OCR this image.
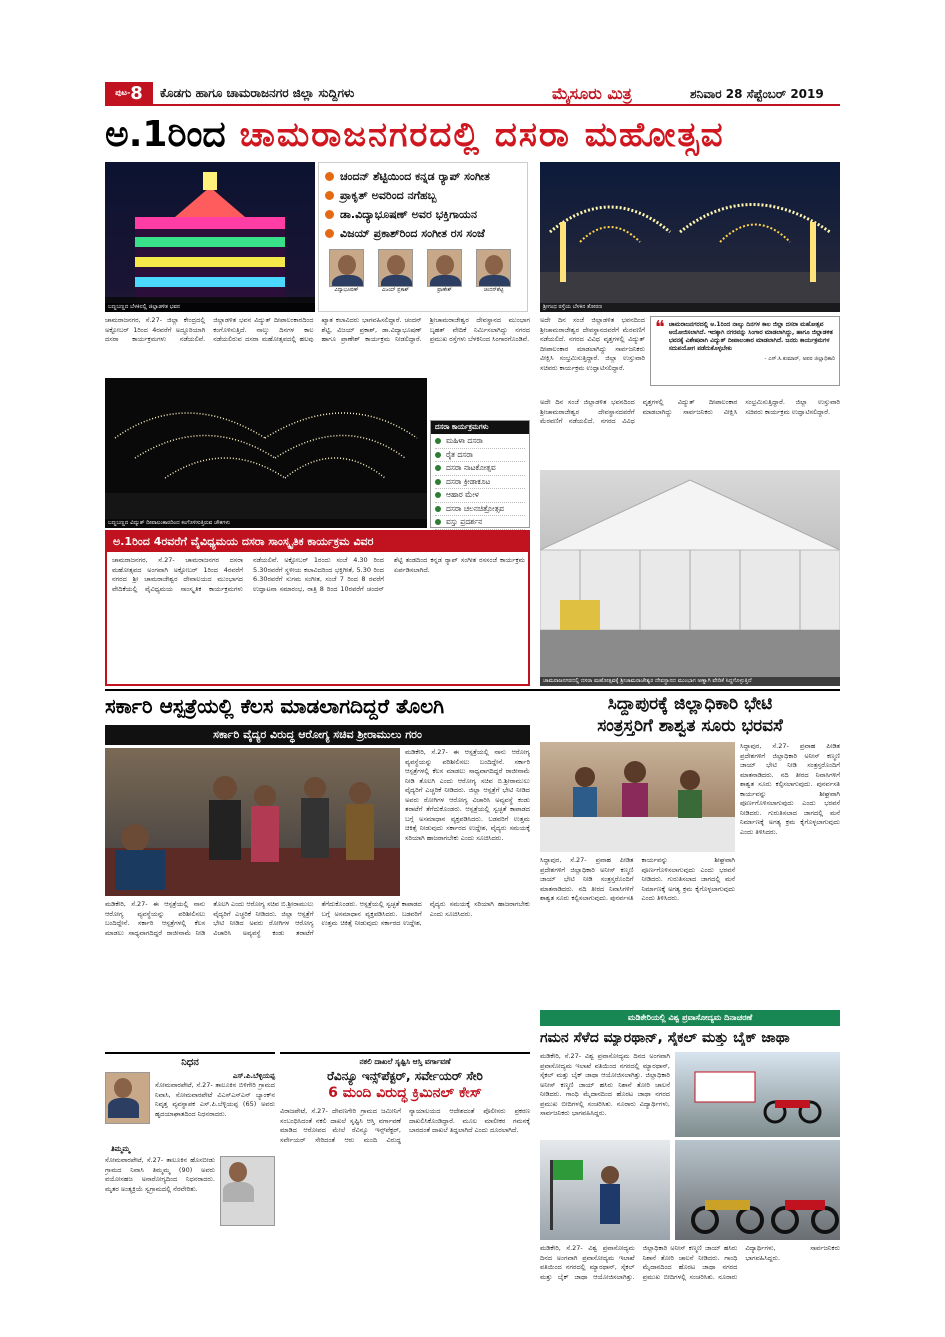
ಪುಟ- 8 ಕೊಡಗು ಹಾಗೂ ಚಾಮರಾಜನಗರ ಜಿಲ್ಲಾ ಸುದ್ದಿಗಳು	ಮೈಸೂರು ಮಿತ್ರ	ಶನಿವಾರ 28 ಸೆಪ್ಟೆಂಬರ್ 2019
ಅ.1ರಿಂದ ಚಾಮರಾಜನಗರದಲ್ಲಿ ದಸರಾ ಮಹೋತ್ಸವ
ಬಣ್ಣಬಣ್ಣದ ಬೆಳಕಿನಲ್ಲಿ ಜಿಲ್ಲಾಡಳಿತ ಭವನ
ಚಂದನ್ ಶೆಟ್ಟಿಯಿಂದ ಕನ್ನಡ ರ್‍ಯಾಪ್ ಸಂಗೀತ
ಪ್ರಾಕೃತ್ ಅವರಿಂದ ನಗೆಹಬ್ಬ
ಡಾ.ವಿದ್ಯಾಭೂಷಣ್ ಅವರ ಭಕ್ತಿಗಾಯನ
ವಿಜಯ್ ಪ್ರಕಾಶ್‌ರಿಂದ ಸಂಗೀತ ರಸ ಸಂಜೆ
ವಿದ್ಯಾಭೂಷಣ್	ವಿಜಯ್ ಪ್ರಕಾಶ್	ಪ್ರಾಣೇಶ್	ಚಂದನ್‌ಶೆಟ್ಟಿ
ಶ್ರೀಗಂಧ ರಸ್ತೆಯ ಬೆಳಕಿನ ತೋರಣ
ಚಾಮರಾಜನಗರ, ಸೆ.27- ಜಿಲ್ಲಾ ಕೇಂದ್ರದಲ್ಲಿ ಅಕ್ಟೋಬರ್ 1ರಿಂದ 4ರವರೆಗೆ ಅದ್ದೂರಿಯಾಗಿ ದಸರಾ ಕಾರ್ಯಕ್ರಮಗಳು ನಡೆಯಲಿವೆ. ಜಿಲ್ಲಾಡಳಿತ ಭವನ ವಿದ್ಯುತ್ ದೀಪಾಲಂಕಾರದಿಂದ ಕಂಗೊಳಿಸುತ್ತಿದೆ. ನಾಲ್ಕು ದಿನಗಳ ಕಾಲ ನಡೆಯಲಿರುವ ದಸರಾ ಮಹೋತ್ಸವದಲ್ಲಿ ಹಲವು ಖ್ಯಾತ ಕಲಾವಿದರು ಭಾಗವಹಿಸಲಿದ್ದಾರೆ. ಚಂದನ್ ಶೆಟ್ಟಿ, ವಿಜಯ್ ಪ್ರಕಾಶ್, ಡಾ.ವಿದ್ಯಾಭೂಷಣ್ ಹಾಗೂ ಪ್ರಾಣೇಶ್ ಕಾರ್ಯಕ್ರಮ ನೀಡಲಿದ್ದಾರೆ. ಶ್ರೀಚಾಮರಾಜೇಶ್ವರ ದೇವಸ್ಥಾನದ ಮುಂಭಾಗ ಬೃಹತ್ ವೇದಿಕೆ ನಿರ್ಮಿಸಲಾಗಿದ್ದು ನಗರದ ಪ್ರಮುಖ ರಸ್ತೆಗಳು ಬೆಳಕಿನಿಂದ ಸಿಂಗಾರಗೊಂಡಿವೆ.
ಬಣ್ಣಬಣ್ಣದ ವಿದ್ಯುತ್ ದೀಪಾಲಂಕಾರದಿಂದ ಕಂಗೊಳಿಸುತ್ತಿರುವ ಚೌಕಗಳು
ದಸರಾ ಕಾರ್ಯಕ್ರಮಗಳು
ಮಹಿಳಾ ದಸರಾ
ರೈತ ದಸರಾ
ದಸರಾ ನಾಟಕೋತ್ಸವ
ದಸರಾ ಕ್ರೀಡಾಕೂಟ
ಆಹಾರ ಮೇಳ
ದಸರಾ ಚಲನಚಿತ್ರೋತ್ಸವ
ವಸ್ತು ಪ್ರದರ್ಶನ
ಅದೇ ದಿನ ಸಂಜೆ ಜಿಲ್ಲಾಡಳಿತ ಭವನದಿಂದ ಶ್ರೀಚಾಮರಾಜೇಶ್ವರ ದೇವಸ್ಥಾನದವರೆಗೆ ಮೆರವಣಿಗೆ ನಡೆಯಲಿದೆ. ನಗರದ ವಿವಿಧ ವೃತ್ತಗಳಲ್ಲಿ ವಿದ್ಯುತ್ ದೀಪಾಲಂಕಾರ ಮಾಡಲಾಗಿದ್ದು ಸಾರ್ವಜನಿಕರು ವೀಕ್ಷಿಸಿ ಸಂಭ್ರಮಿಸುತ್ತಿದ್ದಾರೆ. ಜಿಲ್ಲಾ ಉಸ್ತುವಾರಿ ಸಚಿವರು ಕಾರ್ಯಕ್ರಮ ಉದ್ಘಾಟಿಸಲಿದ್ದಾರೆ.
❝ ಚಾಮರಾಜನಗರದಲ್ಲಿ ಅ.1ರಿಂದ ನಾಲ್ಕು ದಿನಗಳ ಕಾಲ ಜಿಲ್ಲಾ ದಸರಾ ಮಹೋತ್ಸವ ಆಯೋಜಿಸಲಾಗಿದೆ. ಇದಕ್ಕಾಗಿ ನಗರವನ್ನು ಸಿಂಗಾರ ಮಾಡಲಾಗಿದ್ದು, ಹಾಗೂ ಜಿಲ್ಲಾಡಳಿತ ಭವನಕ್ಕೆ ವಿಶೇಷವಾಗಿ ವಿದ್ಯುತ್ ದೀಪಾಲಂಕಾರ ಮಾಡಲಾಗಿದೆ. ಜನರು ಕಾರ್ಯಕ್ರಮಗಳ ಸದುಪಯೋಗ ಪಡೆದುಕೊಳ್ಳಬೇಕು
- ಎಸ್.ಸಿ.ಕುಮಾರ್, ಅಪರ ಜಿಲ್ಲಾಧಿಕಾರಿ
ಅದೇ ದಿನ ಸಂಜೆ ಜಿಲ್ಲಾಡಳಿತ ಭವನದಿಂದ ಶ್ರೀಚಾಮರಾಜೇಶ್ವರ ದೇವಸ್ಥಾನದವರೆಗೆ ಮೆರವಣಿಗೆ ನಡೆಯಲಿದೆ. ನಗರದ ವಿವಿಧ ವೃತ್ತಗಳಲ್ಲಿ ವಿದ್ಯುತ್ ದೀಪಾಲಂಕಾರ ಮಾಡಲಾಗಿದ್ದು ಸಾರ್ವಜನಿಕರು ವೀಕ್ಷಿಸಿ ಸಂಭ್ರಮಿಸುತ್ತಿದ್ದಾರೆ. ಜಿಲ್ಲಾ ಉಸ್ತುವಾರಿ ಸಚಿವರು ಕಾರ್ಯಕ್ರಮ ಉದ್ಘಾಟಿಸಲಿದ್ದಾರೆ.
ಚಾಮರಾಜನಗರದಲ್ಲಿ ದಸರಾ ಮಹೋತ್ಸವಕ್ಕೆ ಶ್ರೀಚಾಮರಾಜೇಶ್ವರ ದೇವಸ್ಥಾನದ ಮುಂಭಾಗ ಅಣ್ಣಾಗಿ ವೇದಿಕೆ ಸಿದ್ಧಗೊಳ್ಳುತ್ತಿದೆ
ಅ.1ರಿಂದ 4ರವರೆಗೆ ವೈವಿಧ್ಯಮಯ ದಸರಾ ಸಾಂಸ್ಕೃತಿಕ ಕಾರ್ಯಕ್ರಮ ವಿವರ
ಚಾಮರಾಜನಗರ, ಸೆ.27- ಚಾಮರಾಜನಗರ ದಸರಾ ಮಹೋತ್ಸವದ ಅಂಗವಾಗಿ ಅಕ್ಟೋಬರ್ 1ರಿಂದ 4ರವರೆಗೆ ನಗರದ ಶ್ರೀ ಚಾಮರಾಜೇಶ್ವರ ದೇವಾಲಯದ ಮುಂಭಾಗದ ವೇದಿಕೆಯಲ್ಲಿ ವೈವಿಧ್ಯಮಯ ಸಾಂಸ್ಕೃತಿಕ ಕಾರ್ಯಕ್ರಮಗಳು ನಡೆಯಲಿವೆ. ಅಕ್ಟೋಬರ್ 1ರಂದು ಸಂಜೆ 4.30 ರಿಂದ 5.30ರವರೆಗೆ ಸ್ಥಳೀಯ ಕಲಾವಿದರಿಂದ ಭಕ್ತಿಗೀತೆ, 5.30 ರಿಂದ 6.30ರವರೆಗೆ ಸುಗಮ ಸಂಗೀತ, ಸಂಜೆ 7 ರಿಂದ 8 ರವರೆಗೆ ಉದ್ಘಾಟನಾ ಸಮಾರಂಭ, ರಾತ್ರಿ 8 ರಿಂದ 10ರವರೆಗೆ ಚಂದನ್ ಶೆಟ್ಟಿ ತಂಡದಿಂದ ಕನ್ನಡ ರ್‍ಯಾಪ್ ಸಂಗೀತ ರಸಸಂಜೆ ಕಾರ್ಯಕ್ರಮ ಏರ್ಪಡಿಸಲಾಗಿದೆ.
ಸರ್ಕಾರಿ ಆಸ್ಪತ್ರೆಯಲ್ಲಿ ಕೆಲಸ ಮಾಡಲಾಗದಿದ್ದರೆ ತೊಲಗಿ
ಸರ್ಕಾರಿ ವೈದ್ಯರ ವಿರುದ್ಧ ಆರೋಗ್ಯ ಸಚಿವ ಶ್ರೀರಾಮುಲು ಗರಂ
ಮಡಿಕೇರಿ, ಸೆ.27- ಈ ಆಸ್ಪತ್ರೆಯಲ್ಲಿ ನಾನು ಆರೋಗ್ಯ ವ್ಯವಸ್ಥೆಯನ್ನು ಪರಿಶೀಲಿಸಲು ಬಂದಿದ್ದೇನೆ. ಸರ್ಕಾರಿ ಆಸ್ಪತ್ರೆಗಳಲ್ಲಿ ಕೆಲಸ ಮಾಡಲು ಸಾಧ್ಯವಾಗದಿದ್ದರೆ ರಾಜೀನಾಮೆ ನೀಡಿ ತೊಲಗಿ ಎಂದು ಆರೋಗ್ಯ ಸಚಿವ ಬಿ.ಶ್ರೀರಾಮುಲು ವೈದ್ಯರಿಗೆ ಎಚ್ಚರಿಕೆ ನೀಡಿದರು. ಜಿಲ್ಲಾ ಆಸ್ಪತ್ರೆಗೆ ಭೇಟಿ ನೀಡಿದ ಅವರು ರೋಗಿಗಳ ಆರೋಗ್ಯ ವಿಚಾರಿಸಿ ಅವ್ಯವಸ್ಥೆ ಕಂಡು ತರಾಟೆಗೆ ತೆಗೆದುಕೊಂಡರು. ಆಸ್ಪತ್ರೆಯಲ್ಲಿ ಸ್ವಚ್ಛತೆ ಕಾಪಾಡದ ಬಗ್ಗೆ ಅಸಮಾಧಾನ ವ್ಯಕ್ತಪಡಿಸಿದರು. ಬಡವರಿಗೆ ಉತ್ತಮ ಚಿಕಿತ್ಸೆ ನೀಡುವುದು ಸರ್ಕಾರದ ಉದ್ದೇಶ, ವೈದ್ಯರು ಸಮಯಕ್ಕೆ ಸರಿಯಾಗಿ ಹಾಜರಾಗಬೇಕು ಎಂದು ಸೂಚಿಸಿದರು.
ಮಡಿಕೇರಿ, ಸೆ.27- ಈ ಆಸ್ಪತ್ರೆಯಲ್ಲಿ ನಾನು ಆರೋಗ್ಯ ವ್ಯವಸ್ಥೆಯನ್ನು ಪರಿಶೀಲಿಸಲು ಬಂದಿದ್ದೇನೆ. ಸರ್ಕಾರಿ ಆಸ್ಪತ್ರೆಗಳಲ್ಲಿ ಕೆಲಸ ಮಾಡಲು ಸಾಧ್ಯವಾಗದಿದ್ದರೆ ರಾಜೀನಾಮೆ ನೀಡಿ ತೊಲಗಿ ಎಂದು ಆರೋಗ್ಯ ಸಚಿವ ಬಿ.ಶ್ರೀರಾಮುಲು ವೈದ್ಯರಿಗೆ ಎಚ್ಚರಿಕೆ ನೀಡಿದರು. ಜಿಲ್ಲಾ ಆಸ್ಪತ್ರೆಗೆ ಭೇಟಿ ನೀಡಿದ ಅವರು ರೋಗಿಗಳ ಆರೋಗ್ಯ ವಿಚಾರಿಸಿ ಅವ್ಯವಸ್ಥೆ ಕಂಡು ತರಾಟೆಗೆ ತೆಗೆದುಕೊಂಡರು. ಆಸ್ಪತ್ರೆಯಲ್ಲಿ ಸ್ವಚ್ಛತೆ ಕಾಪಾಡದ ಬಗ್ಗೆ ಅಸಮಾಧಾನ ವ್ಯಕ್ತಪಡಿಸಿದರು. ಬಡವರಿಗೆ ಉತ್ತಮ ಚಿಕಿತ್ಸೆ ನೀಡುವುದು ಸರ್ಕಾರದ ಉದ್ದೇಶ, ವೈದ್ಯರು ಸಮಯಕ್ಕೆ ಸರಿಯಾಗಿ ಹಾಜರಾಗಬೇಕು ಎಂದು ಸೂಚಿಸಿದರು.
ಸಿದ್ದಾಪುರಕ್ಕೆ ಜಿಲ್ಲಾಧಿಕಾರಿ ಭೇಟಿ
ಸಂತ್ರಸ್ತರಿಗೆ ಶಾಶ್ವತ ಸೂರು ಭರವಸೆ
ಸಿದ್ದಾಪುರ, ಸೆ.27- ಪ್ರವಾಹ ಪೀಡಿತ ಪ್ರದೇಶಗಳಿಗೆ ಜಿಲ್ಲಾಧಿಕಾರಿ ಅನೀಸ್ ಕಣ್ಮಣಿ ಜಾಯ್ ಭೇಟಿ ನೀಡಿ ಸಂತ್ರಸ್ತರೊಂದಿಗೆ ಮಾತನಾಡಿದರು. ನದಿ ತೀರದ ನಿವಾಸಿಗಳಿಗೆ ಶಾಶ್ವತ ಸೂರು ಕಲ್ಪಿಸಲಾಗುವುದು. ಪುನರ್ವಸತಿ ಕಾರ್ಯವನ್ನು ಶೀಘ್ರವಾಗಿ ಪೂರ್ಣಗೊಳಿಸಲಾಗುವುದು ಎಂದು ಭರವಸೆ ನೀಡಿದರು. ಗುರುತಿಸಲಾದ ಜಾಗದಲ್ಲಿ ಮನೆ ನಿರ್ಮಾಣಕ್ಕೆ ಅಗತ್ಯ ಕ್ರಮ ಕೈಗೊಳ್ಳಲಾಗುವುದು ಎಂದು ತಿಳಿಸಿದರು.
ಸಿದ್ದಾಪುರ, ಸೆ.27- ಪ್ರವಾಹ ಪೀಡಿತ ಪ್ರದೇಶಗಳಿಗೆ ಜಿಲ್ಲಾಧಿಕಾರಿ ಅನೀಸ್ ಕಣ್ಮಣಿ ಜಾಯ್ ಭೇಟಿ ನೀಡಿ ಸಂತ್ರಸ್ತರೊಂದಿಗೆ ಮಾತನಾಡಿದರು. ನದಿ ತೀರದ ನಿವಾಸಿಗಳಿಗೆ ಶಾಶ್ವತ ಸೂರು ಕಲ್ಪಿಸಲಾಗುವುದು. ಪುನರ್ವಸತಿ ಕಾರ್ಯವನ್ನು ಶೀಘ್ರವಾಗಿ ಪೂರ್ಣಗೊಳಿಸಲಾಗುವುದು ಎಂದು ಭರವಸೆ ನೀಡಿದರು. ಗುರುತಿಸಲಾದ ಜಾಗದಲ್ಲಿ ಮನೆ ನಿರ್ಮಾಣಕ್ಕೆ ಅಗತ್ಯ ಕ್ರಮ ಕೈಗೊಳ್ಳಲಾಗುವುದು ಎಂದು ತಿಳಿಸಿದರು.
ಮಡಿಕೇರಿಯಲ್ಲಿ ವಿಶ್ವ ಪ್ರವಾಸೋದ್ಯಮ ದಿನಾಚರಣೆ
ಗಮನ ಸೆಳೆದ ಮ್ಯಾರಥಾನ್, ಸೈಕಲ್ ಮತ್ತು ಬೈಕ್ ಜಾಥಾ
ಮಡಿಕೇರಿ, ಸೆ.27- ವಿಶ್ವ ಪ್ರವಾಸೋದ್ಯಮ ದಿನದ ಅಂಗವಾಗಿ ಪ್ರವಾಸೋದ್ಯಮ ಇಲಾಖೆ ವತಿಯಿಂದ ನಗರದಲ್ಲಿ ಮ್ಯಾರಥಾನ್, ಸೈಕಲ್ ಮತ್ತು ಬೈಕ್ ಜಾಥಾ ಆಯೋಜಿಸಲಾಗಿತ್ತು. ಜಿಲ್ಲಾಧಿಕಾರಿ ಅನೀಸ್ ಕಣ್ಮಣಿ ಜಾಯ್ ಹಸಿರು ನಿಶಾನೆ ತೋರಿ ಚಾಲನೆ ನೀಡಿದರು. ಗಾಂಧಿ ಮೈದಾನದಿಂದ ಹೊರಟ ಜಾಥಾ ನಗರದ ಪ್ರಮುಖ ಬೀದಿಗಳಲ್ಲಿ ಸಂಚರಿಸಿತು. ನೂರಾರು ವಿದ್ಯಾರ್ಥಿಗಳು, ಸಾರ್ವಜನಿಕರು ಭಾಗವಹಿಸಿದ್ದರು.
ಮಡಿಕೇರಿ, ಸೆ.27- ವಿಶ್ವ ಪ್ರವಾಸೋದ್ಯಮ ದಿನದ ಅಂಗವಾಗಿ ಪ್ರವಾಸೋದ್ಯಮ ಇಲಾಖೆ ವತಿಯಿಂದ ನಗರದಲ್ಲಿ ಮ್ಯಾರಥಾನ್, ಸೈಕಲ್ ಮತ್ತು ಬೈಕ್ ಜಾಥಾ ಆಯೋಜಿಸಲಾಗಿತ್ತು. ಜಿಲ್ಲಾಧಿಕಾರಿ ಅನೀಸ್ ಕಣ್ಮಣಿ ಜಾಯ್ ಹಸಿರು ನಿಶಾನೆ ತೋರಿ ಚಾಲನೆ ನೀಡಿದರು. ಗಾಂಧಿ ಮೈದಾನದಿಂದ ಹೊರಟ ಜಾಥಾ ನಗರದ ಪ್ರಮುಖ ಬೀದಿಗಳಲ್ಲಿ ಸಂಚರಿಸಿತು. ನೂರಾರು ವಿದ್ಯಾರ್ಥಿಗಳು, ಸಾರ್ವಜನಿಕರು ಭಾಗವಹಿಸಿದ್ದರು.
ನಿಧನ
ಎಸ್.ಪಿ.ಬೆಳ್ಳಿಯಪ್ಪ
ಸೋಮವಾರಪೇಟೆ, ಸೆ.27- ತಾಲೂಕಿನ ಬಿಳಿಗೇರಿ ಗ್ರಾಮದ ನಿವಾಸಿ, ಸೋಮವಾರಪೇಟೆ ವಿಎಸ್‌ಎಸ್‌ಎನ್ ಬ್ಯಾಂಕ್‌ನ ನಿವೃತ್ತ ವ್ಯವಸ್ಥಾಪಕ ಎಸ್.ಪಿ.ಬೆಳ್ಳಿಯಪ್ಪ (65) ಅವರು ಹೃದಯಾಘಾತದಿಂದ ನಿಧನರಾದರು.
ತಿಮ್ಮಮ್ಮ
ಸೋಮವಾರಪೇಟೆ, ಸೆ.27- ತಾಲೂಕಿನ ಹೊಸಬೀಡು ಗ್ರಾಮದ ನಿವಾಸಿ ತಿಮ್ಮಮ್ಮ (90) ಅವರು ವಯೋಸಹಜ ಅನಾರೋಗ್ಯದಿಂದ ನಿಧನರಾದರು. ಮೃತರ ಅಂತ್ಯಕ್ರಿಯೆ ಸ್ವಗ್ರಾಮದಲ್ಲಿ ನೆರವೇರಿತು.
ನಕಲಿ ದಾಖಲೆ ಸೃಷ್ಟಿಸಿ ಆಸ್ತಿ ವರ್ಗಾವಣೆ
ರೆವಿನ್ಯೂ ಇನ್ಸ್‌ಪೆಕ್ಟರ್, ಸರ್ವೇಯರ್ ಸೇರಿ
6 ಮಂದಿ ವಿರುದ್ಧ ಕ್ರಿಮಿನಲ್ ಕೇಸ್
ವಿರಾಜಪೇಟೆ, ಸೆ.27- ದೇವಣಗೇರಿ ಗ್ರಾಮದ ಜಮೀನಿಗೆ ಸಂಬಂಧಿಸಿದಂತೆ ನಕಲಿ ದಾಖಲೆ ಸೃಷ್ಟಿಸಿ ಆಸ್ತಿ ವರ್ಗಾವಣೆ ಮಾಡಿದ ಆರೋಪದ ಮೇಲೆ ರೆವಿನ್ಯೂ ಇನ್ಸ್‌ಪೆಕ್ಟರ್, ಸರ್ವೇಯರ್ ಸೇರಿದಂತೆ ಆರು ಮಂದಿ ವಿರುದ್ಧ ನ್ಯಾಯಾಲಯದ ಆದೇಶದಂತೆ ಪೊಲೀಸರು ಪ್ರಕರಣ ದಾಖಲಿಸಿಕೊಂಡಿದ್ದಾರೆ. ಮೂಲ ಮಾಲೀಕರ ಗಮನಕ್ಕೆ ಬಾರದಂತೆ ದಾಖಲೆ ತಿದ್ದಲಾಗಿದೆ ಎಂದು ದೂರಲಾಗಿದೆ.
